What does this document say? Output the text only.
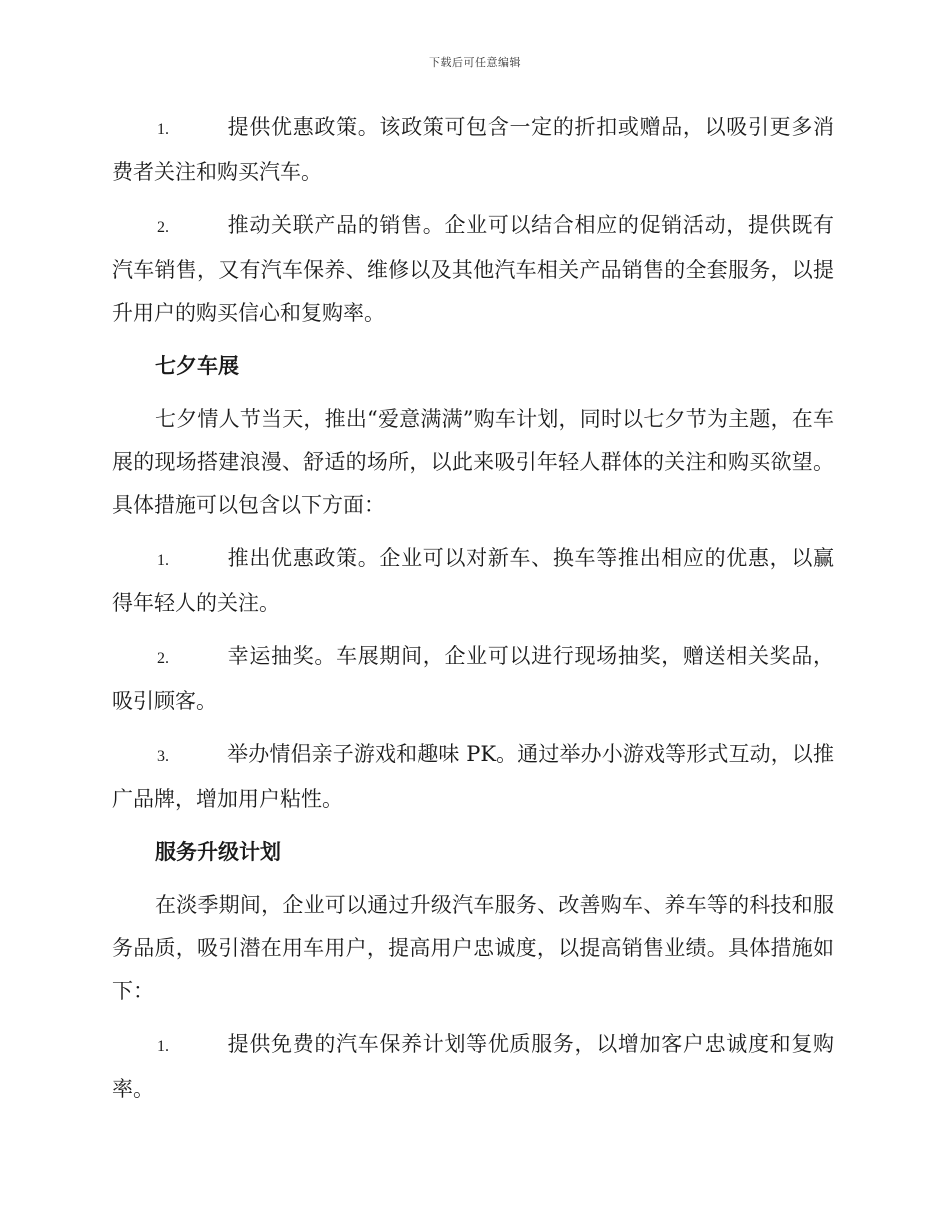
下载后可任意编辑

1.	提供优惠政策。该政策可包含一定的折扣或赠品，以吸引更多消费者关注和购买汽车。

2.	推动关联产品的销售。企业可以结合相应的促销活动，提供既有汽车销售，又有汽车保养、维修以及其他汽车相关产品销售的全套服务，以提升用户的购买信心和复购率。

七夕车展

七夕情人节当天，推出“爱意满满”购车计划，同时以七夕节为主题，在车展的现场搭建浪漫、舒适的场所，以此来吸引年轻人群体的关注和购买欲望。具体措施可以包含以下方面：

1.	推出优惠政策。企业可以对新车、换车等推出相应的优惠，以赢得年轻人的关注。

2.	幸运抽奖。车展期间，企业可以进行现场抽奖，赠送相关奖品，吸引顾客。

3.	举办情侣亲子游戏和趣味 PK。通过举办小游戏等形式互动，以推广品牌，增加用户粘性。

服务升级计划

在淡季期间，企业可以通过升级汽车服务、改善购车、养车等的科技和服务品质，吸引潜在用车用户，提高用户忠诚度，以提高销售业绩。具体措施如下：

1.	提供免费的汽车保养计划等优质服务，以增加客户忠诚度和复购率。
